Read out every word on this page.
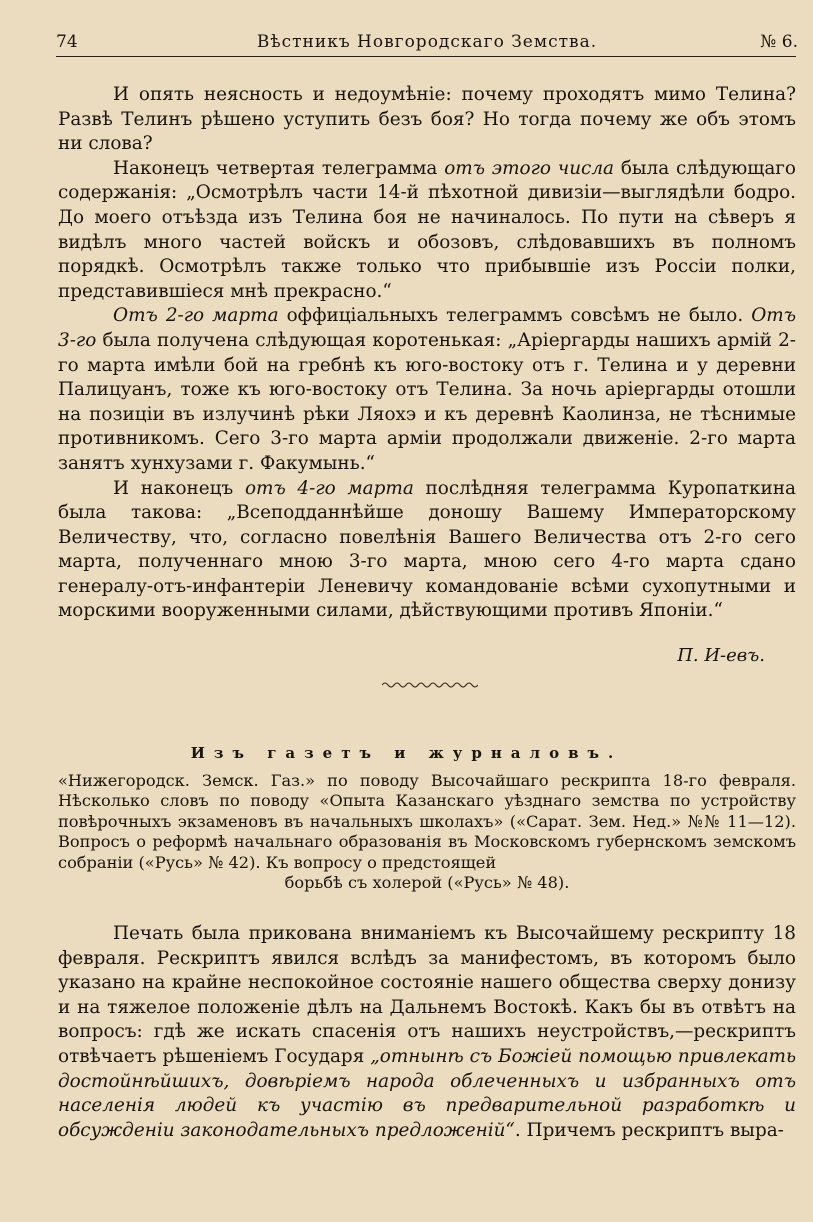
74	Вѣстникъ Новгородскаго Земства.	№ 6.

И опять неясность и недоумѣніе: почему проходятъ мимо Телина? Развѣ Телинъ рѣшено уступить безъ боя? Но тогда почему же объ этомъ ни слова?

Наконецъ четвертая телеграмма отъ этого числа была слѣдующаго содержанія: „Осмотрѣлъ части 14-й пѣхотной дивизіи—выглядѣли бодро. До моего отъѣзда изъ Телина боя не начиналось. По пути на сѣверъ я видѣлъ много частей войскъ и обозовъ, слѣдовавшихъ въ полномъ порядкѣ. Осмотрѣлъ также только что прибывшіе изъ Россіи полки, представившіеся мнѣ прекрасно.“

Отъ 2-го марта оффиціальныхъ телеграммъ совсѣмъ не было. Отъ 3-го была получена слѣдующая коротенькая: „Аріергарды нашихъ армій 2-го марта имѣли бой на гребнѣ къ юго-востоку отъ г. Телина и у деревни Палицуанъ, тоже къ юго-востоку отъ Телина. За ночь аріергарды отошли на позиціи въ излучинѣ рѣки Ляохэ и къ деревнѣ Каолинза, не тѣснимые противникомъ. Сего 3-го марта арміи продолжали движеніе. 2-го марта занятъ хунхузами г. Факумынь.“

И наконецъ отъ 4-го марта послѣдняя телеграмма Куропаткина была такова: „Всеподданнѣйше доношу Вашему Императорскому Величеству, что, согласно повелѣнія Вашего Величества отъ 2-го сего марта, полученнаго мною 3-го марта, мною сего 4-го марта сдано генералу-отъ-инфантеріи Леневичу командованіе всѣми сухопутными и морскими вооруженными силами, дѣйствующими противъ Японіи.“

П. И-евъ.
Изъ газетъ и журналовъ.

«Нижегородск. Земск. Газ.» по поводу Высочайшаго рескрипта 18-го февраля. Нѣсколько словъ по поводу «Опыта Казанскаго уѣзднаго земства по устройству повѣрочныхъ экзаменовъ въ начальныхъ школахъ» («Сарат. Зем. Нед.» №№ 11—12). Вопросъ о реформѣ начальнаго образованія въ Московскомъ губернскомъ земскомъ собраніи («Русь» № 42). Къ вопросу о предстоящей

борьбѣ съ холерой («Русь» № 48).

Печать была прикована вниманіемъ къ Высочайшему рескрипту 18 февраля. Рескриптъ явился вслѣдъ за манифестомъ, въ которомъ было указано на крайне неспокойное состояніе нашего общества сверху донизу и на тяжелое положеніе дѣлъ на Дальнемъ Востокѣ. Какъ бы въ отвѣтъ на вопросъ: гдѣ же искать спасенія отъ нашихъ неустройствъ,—рескриптъ отвѣчаетъ рѣшеніемъ Государя „отнынѣ съ Божіей помощью привлекать достойнѣйшихъ, довѣріемъ народа облеченныхъ и избранныхъ отъ населенія людей къ участію въ предварительной разработкѣ и обсужденіи законодательныхъ предложеній“. Причемъ рескриптъ выра-
